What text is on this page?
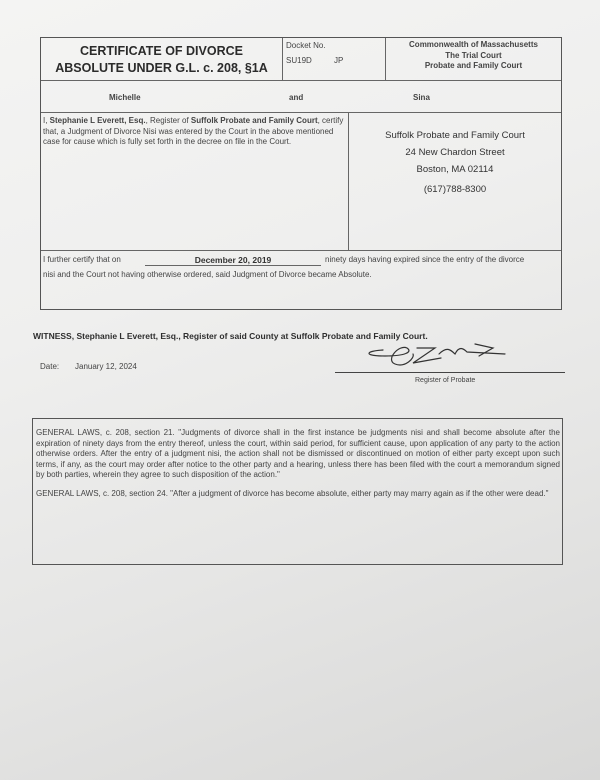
CERTIFICATE OF DIVORCE
ABSOLUTE UNDER G.L. c. 208, §1A
Docket No.
SU19D	JP
Commonwealth of Massachusetts
The Trial Court
Probate and Family Court
Michelle	and	Sina
I, Stephanie L Everett, Esq., Register of Suffolk Probate and Family Court, certify that, a Judgment of Divorce Nisi was entered by the Court in the above mentioned case for cause which is fully set forth in the decree on file in the Court.
Suffolk Probate and Family Court
24 New Chardon Street
Boston, MA 02114
(617)788-8300
I further certify that on	December 20, 2019	ninety days having expired since the entry of the divorce
nisi and the Court not having otherwise ordered, said Judgment of Divorce became Absolute.
WITNESS, Stephanie L Everett, Esq., Register of said County at Suffolk Probate and Family Court.
Date: January 12, 2024
Register of Probate
GENERAL LAWS, c. 208, section 21. "Judgments of divorce shall in the first instance be judgments nisi and shall become absolute after the expiration of ninety days from the entry thereof, unless the court, within said period, for sufficient cause, upon application of any party to the action otherwise orders. After the entry of a judgment nisi, the action shall not be dismissed or discontinued on motion of either party except upon such terms, if any, as the court may order after notice to the other party and a hearing, unless there has been filed with the court a memorandum signed by both parties, wherein they agree to such disposition of the action."
GENERAL LAWS, c. 208, section 24. "After a judgment of divorce has become absolute, either party may marry again as if the other were dead."
